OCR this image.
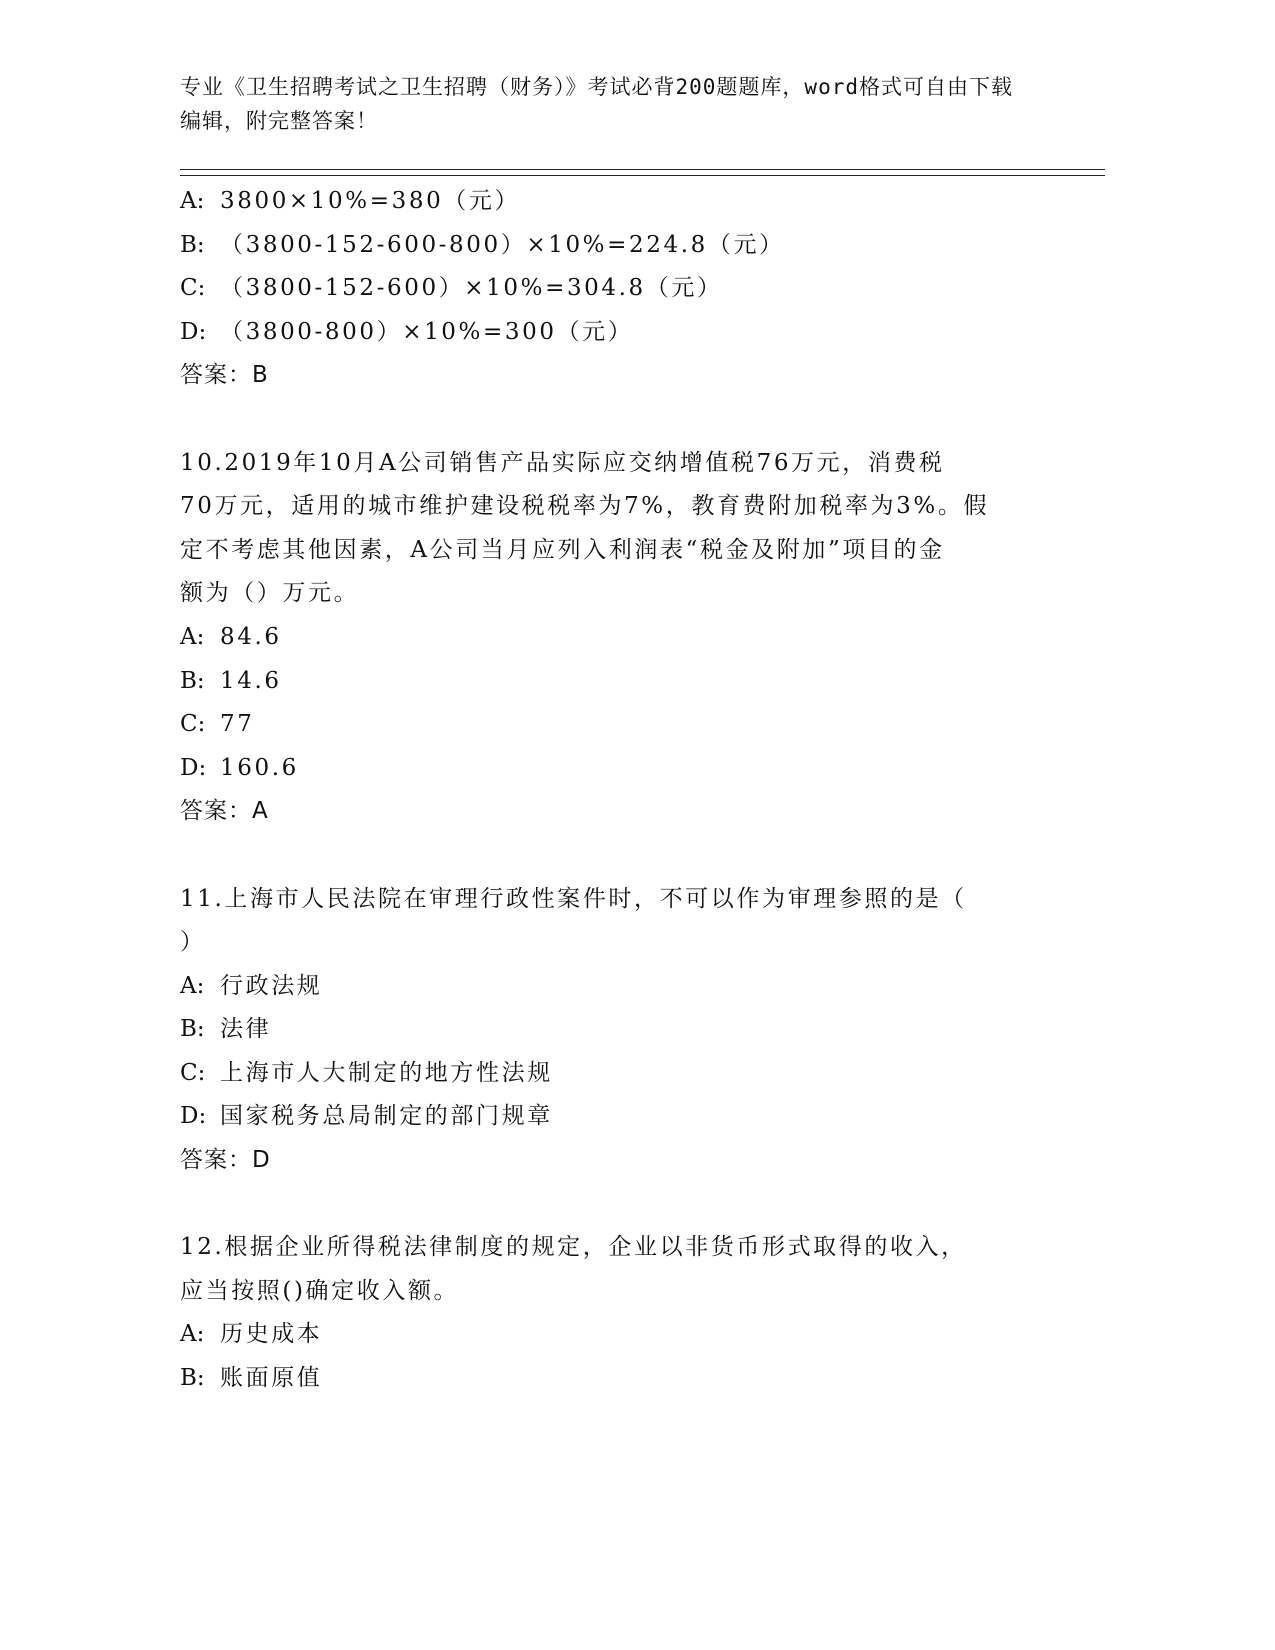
专业《卫生招聘考试之卫生招聘（财务）》考试必背200题题库，word格式可自由下载编辑，附完整答案！
A: 3800×10%=380（元）
B: （3800-152-600-800）×10%=224.8（元）
C: （3800-152-600）×10%=304.8（元）
D: （3800-800）×10%=300（元）
答案：B
10.2019年10月A公司销售产品实际应交纳增值税76万元，消费税
70万元，适用的城市维护建设税税率为7%，教育费附加税率为3%。假
定不考虑其他因素，A公司当月应列入利润表“税金及附加”项目的金
额为（）万元。
A: 84.6
B: 14.6
C: 77
D: 160.6
答案：A
11.上海市人民法院在审理行政性案件时，不可以作为审理参照的是（
）
A: 行政法规
B: 法律
C: 上海市人大制定的地方性法规
D: 国家税务总局制定的部门规章
答案：D
12.根据企业所得税法律制度的规定，企业以非货币形式取得的收入，
应当按照()确定收入额。
A: 历史成本
B: 账面原值
